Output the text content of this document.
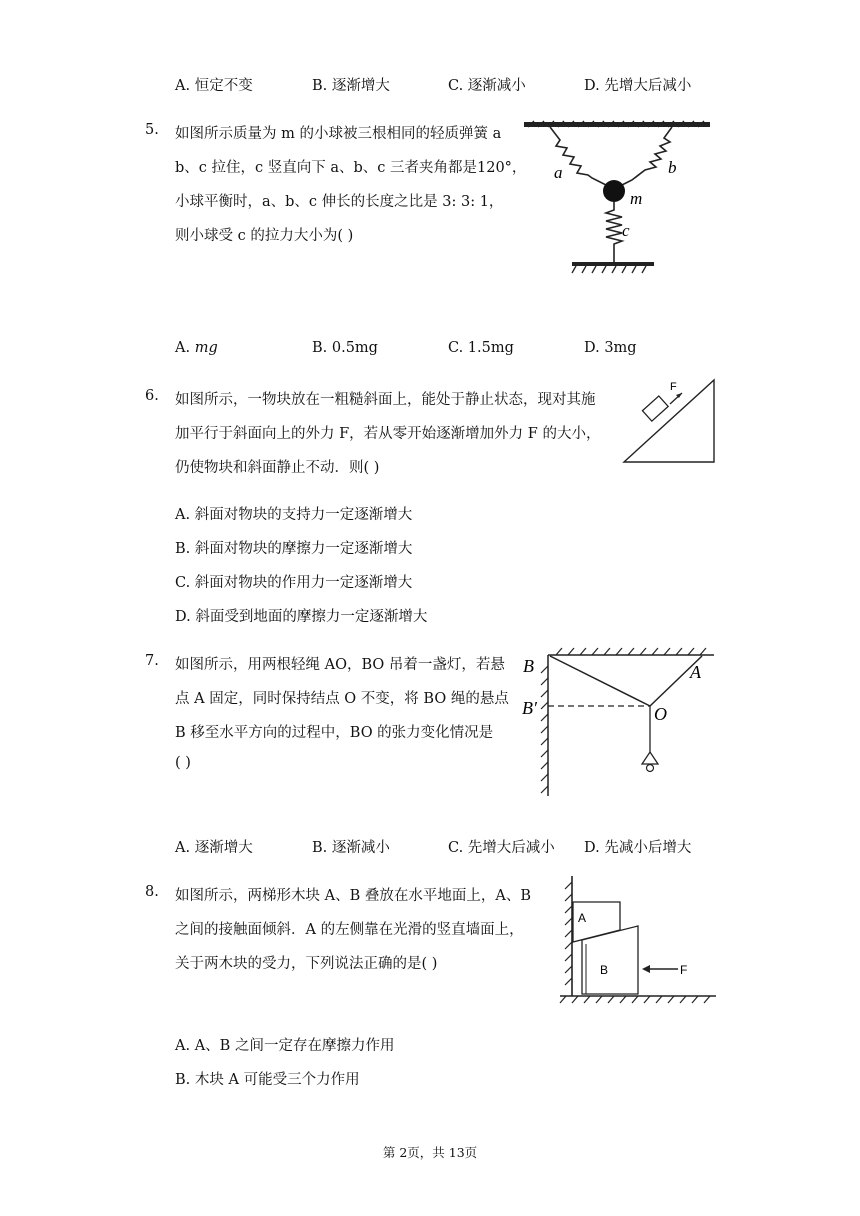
A. 恒定不变	B. 逐渐增大	C. 逐渐减小	D. 先增大后减小
5. 如图所示质量为 m 的小球被三根相同的轻质弹簧 a
b、c 拉住，c 竖直向下 a、b、c 三者夹角都是120°，
小球平衡时，a、b、c 伸长的长度之比是 3: 3: 1，
则小球受 c 的拉力大小为( )
a	b
m
c
A. mg	B. 0.5mg	C. 1.5mg	D. 3mg
6. 如图所示，一物块放在一粗糙斜面上，能处于静止状态，现对其施
加平行于斜面向上的外力 F，若从零开始逐渐增加外力 F 的大小，
仍使物块和斜面静止不动．则( )
F
A. 斜面对物块的支持力一定逐渐增大
B. 斜面对物块的摩擦力一定逐渐增大
C. 斜面对物块的作用力一定逐渐增大
D. 斜面受到地面的摩擦力一定逐渐增大
7. 如图所示，用两根轻绳 AO，BO 吊着一盏灯，若悬
点 A 固定，同时保持结点 O 不变，将 BO 绳的悬点
B 移至水平方向的过程中，BO 的张力变化情况是
( )
B	A
B′	O
A. 逐渐增大	B. 逐渐减小	C. 先增大后减小 D. 先减小后增大
8. 如图所示，两梯形木块 A、B 叠放在水平地面上，A、B
之间的接触面倾斜．A 的左侧靠在光滑的竖直墙面上，
关于两木块的受力，下列说法正确的是( )
A
B	F
A. A、B 之间一定存在摩擦力作用
B. 木块 A 可能受三个力作用
第 2页，共 13页
